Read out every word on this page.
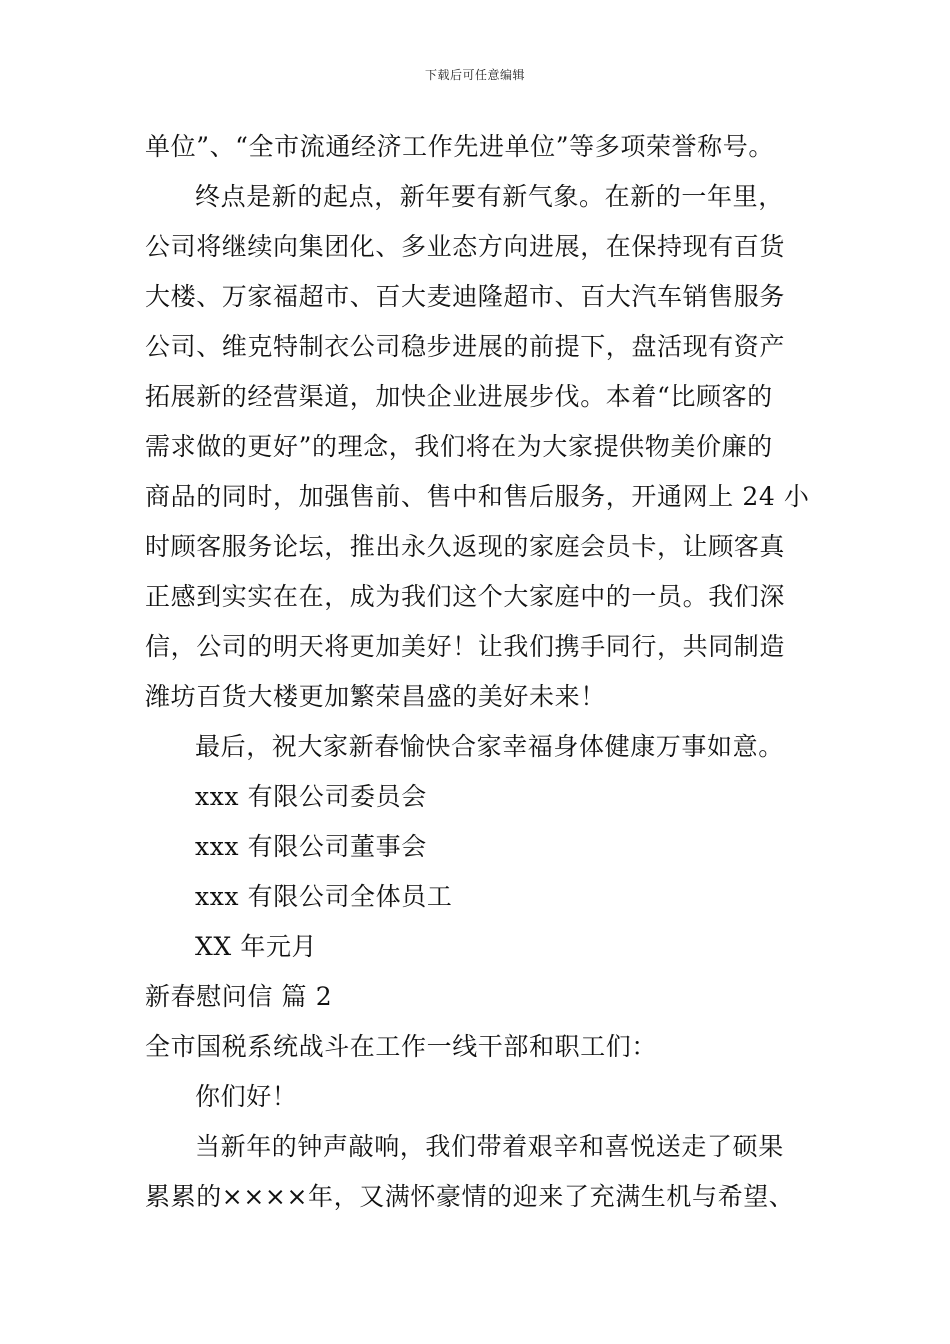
下载后可任意编辑
单位”、“全市流通经济工作先进单位”等多项荣誉称号。
终点是新的起点，新年要有新气象。在新的一年里，
公司将继续向集团化、多业态方向进展，在保持现有百货
大楼、万家福超市、百大麦迪隆超市、百大汽车销售服务
公司、维克特制衣公司稳步进展的前提下，盘活现有资产
拓展新的经营渠道，加快企业进展步伐。本着“比顾客的
需求做的更好”的理念，我们将在为大家提供物美价廉的
商品的同时，加强售前、售中和售后服务，开通网上 24 小
时顾客服务论坛，推出永久返现的家庭会员卡，让顾客真
正感到实实在在，成为我们这个大家庭中的一员。我们深
信，公司的明天将更加美好！让我们携手同行，共同制造
潍坊百货大楼更加繁荣昌盛的美好未来！
最后，祝大家新春愉快合家幸福身体健康万事如意。
xxx 有限公司委员会
xxx 有限公司董事会
xxx 有限公司全体员工
XX 年元月
新春慰问信 篇 2
全市国税系统战斗在工作一线干部和职工们：
你们好！
当新年的钟声敲响，我们带着艰辛和喜悦送走了硕果
累累的××××年，又满怀豪情的迎来了充满生机与希望、
